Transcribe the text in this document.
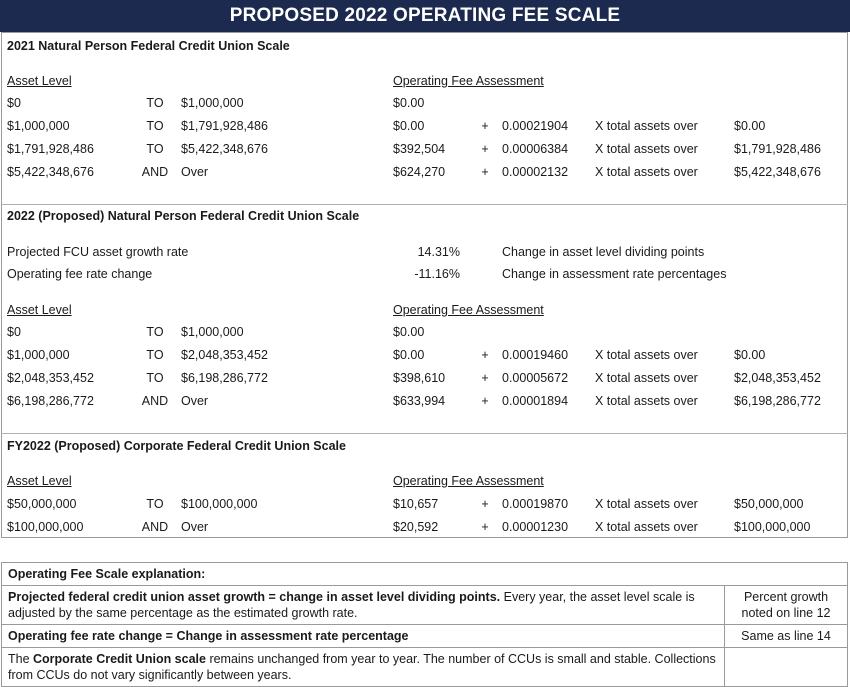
PROPOSED 2022 OPERATING FEE SCALE
2021 Natural Person Federal Credit Union Scale
Asset Level	Operating Fee Assessment
$0	TO	$1,000,000	$0.00
$1,000,000	TO	$1,791,928,486	$0.00	+ 0.00021904 X total assets over	$0.00
$1,791,928,486	TO	$5,422,348,676	$392,504	+ 0.00006384 X total assets over	$1,791,928,486
$5,422,348,676	AND Over	$624,270	+ 0.00002132 X total assets over	$5,422,348,676
2022 (Proposed) Natural Person Federal Credit Union Scale
Projected FCU asset growth rate	14.31%	Change in asset level dividing points
Operating fee rate change	-11.16%	Change in assessment rate percentages
Asset Level	Operating Fee Assessment
$0	TO	$1,000,000	$0.00
$1,000,000	TO	$2,048,353,452	$0.00	+ 0.00019460 X total assets over	$0.00
$2,048,353,452	TO	$6,198,286,772	$398,610	+ 0.00005672 X total assets over	$2,048,353,452
$6,198,286,772	AND Over	$633,994	+ 0.00001894 X total assets over	$6,198,286,772
FY2022 (Proposed) Corporate Federal Credit Union Scale
Asset Level	Operating Fee Assessment
$50,000,000	TO	$100,000,000	$10,657	+ 0.00019870 X total assets over	$50,000,000
$100,000,000	AND Over	$20,592	+ 0.00001230 X total assets over	$100,000,000
Operating Fee Scale explanation:	
Projected federal credit union asset growth = change in asset level dividing points. Every year, the asset level scale is adjusted by the same percentage as the estimated growth rate.	Percent growth noted on line 12
Operating fee rate change = Change in assessment rate percentage	Same as line 14
The Corporate Credit Union scale remains unchanged from year to year. The number of CCUs is small and stable. Collections from CCUs do not vary significantly between years.	
